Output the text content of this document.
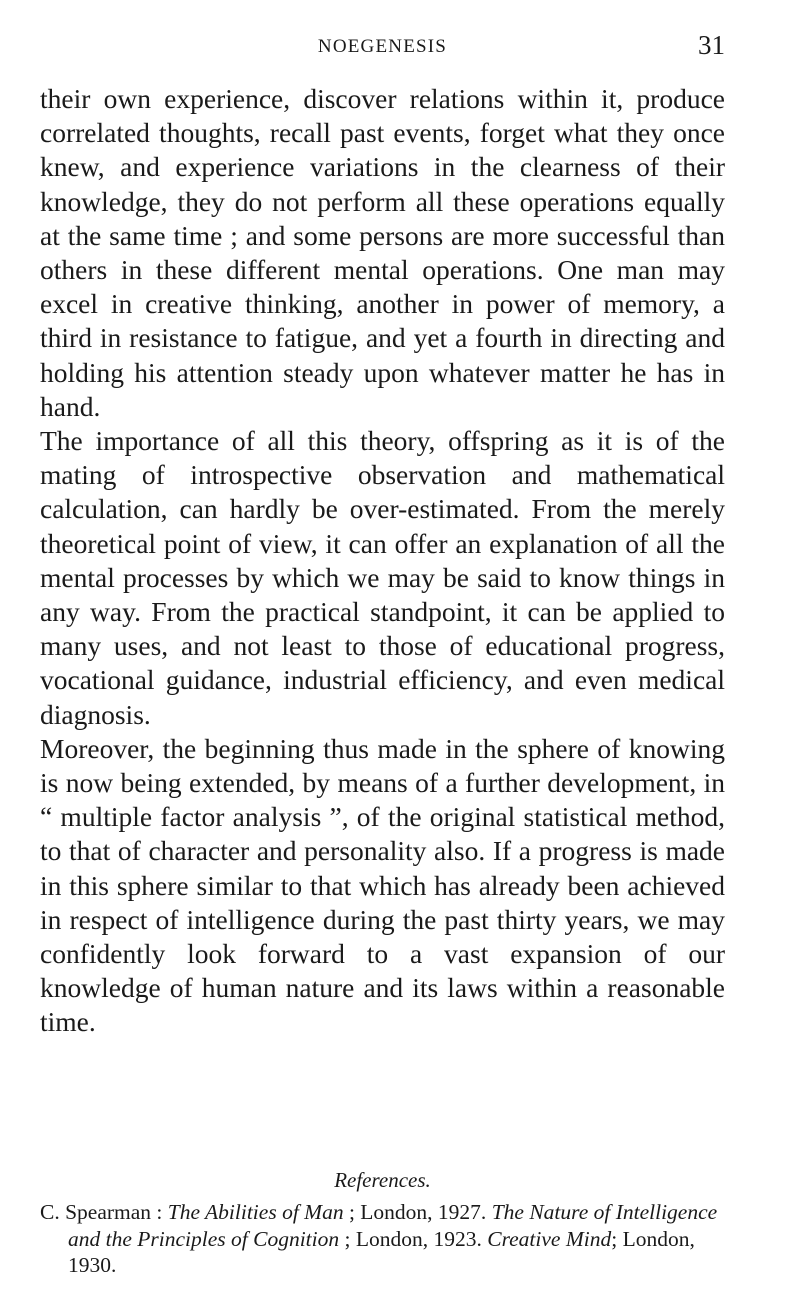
NOEGENESIS	31

their own experience, discover relations within it, produce correlated thoughts, recall past events, forget what they once knew, and experience variations in the clearness of their knowledge, they do not perform all these operations equally at the same time ; and some persons are more successful than others in these different mental operations. One man may excel in creative thinking, another in power of memory, a third in resistance to fatigue, and yet a fourth in directing and holding his attention steady upon whatever matter he has in hand.

The importance of all this theory, offspring as it is of the mating of introspective observation and mathematical calculation, can hardly be over-estimated. From the merely theoretical point of view, it can offer an explanation of all the mental processes by which we may be said to know things in any way. From the practical standpoint, it can be applied to many uses, and not least to those of educational progress, vocational guidance, industrial efficiency, and even medical diagnosis.

Moreover, the beginning thus made in the sphere of knowing is now being extended, by means of a further development, in “ multiple factor analysis ”, of the original statistical method, to that of character and personality also. If a progress is made in this sphere similar to that which has already been achieved in respect of intelligence during the past thirty years, we may confidently look forward to a vast expansion of our knowledge of human nature and its laws within a reasonable time.

References.

C. Spearman : The Abilities of Man ; London, 1927. The Nature of Intelligence and the Principles of Cognition ; London, 1923. Creative Mind; London, 1930.
